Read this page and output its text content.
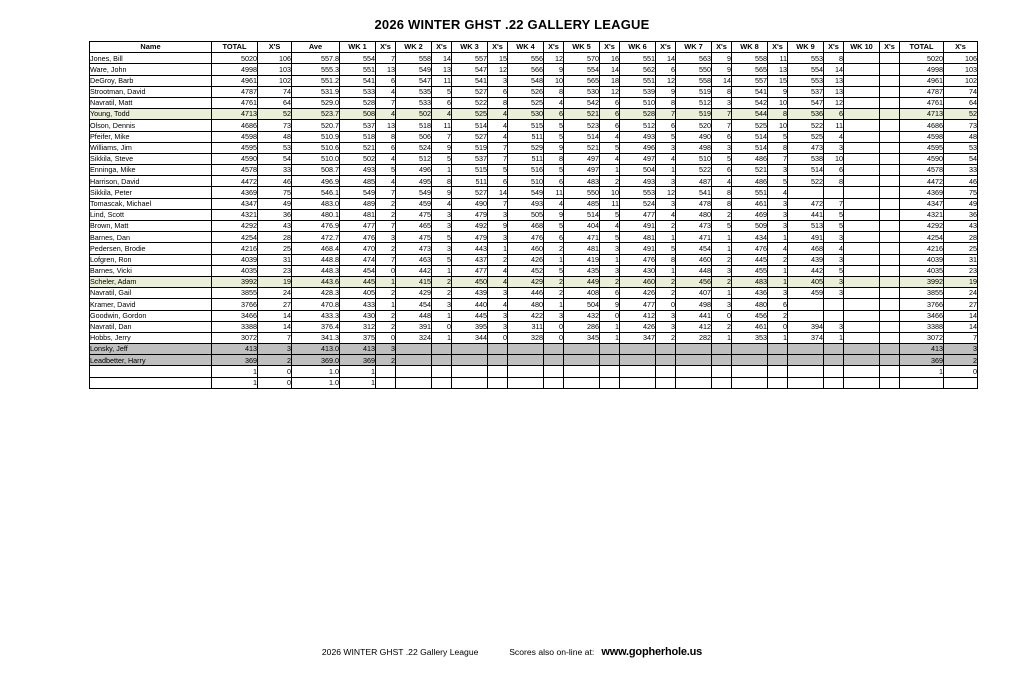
2026 WINTER GHST .22 GALLERY LEAGUE
Name	TOTAL	X'S	Ave	WK 1	X's	WK 2	X's	WK 3	X's	WK 4	X's	WK 5	X's	WK 6	X's	WK 7	X's	WK 8	X's	WK 9	X's	WK 10	X's	TOTAL	X's
Jones, Bill	5020	106	557.8	554	7	558	14	557	15	556	12	570	16	551	14	563	9	558	11	553	8			5020	106
Ware, John	4998	103	555.3	551	13	549	13	547	12	566	9	554	14	562	6	550	9	565	13	554	14			4998	103
DeGroy, Barb	4961	102	551.2	541	6	547	11	541	3	548	10	565	18	551	12	558	14	557	15	553	13			4961	102
Strootman, David	4787	74	531.9	533	4	535	5	527	6	526	8	530	12	539	9	519	8	541	9	537	13			4787	74
Navratil, Matt	4761	64	529.0	528	7	533	6	522	8	525	4	542	6	510	8	512	3	542	10	547	12			4761	64
Young, Todd	4713	52	523.7	508	4	502	4	525	4	530	6	521	6	528	7	519	7	544	8	536	6			4713	52
Olson, Dennis	4686	73	520.7	537	13	518	11	514	4	515	5	523	6	512	6	520	7	525	10	522	11			4686	73
Pfeifer, Mike	4598	48	510.9	518	8	506	7	527	4	511	5	514	4	493	5	490	6	514	5	525	4			4598	48
Williams, Jim	4595	53	510.6	521	6	524	9	519	7	529	9	521	5	496	3	498	3	514	8	473	3			4595	53
Sikkila, Steve	4590	54	510.0	502	4	512	5	537	7	511	8	497	4	497	4	510	5	486	7	538	10			4590	54
Enninga, Mike	4578	33	508.7	493	5	496	1	515	5	516	5	497	1	504	1	522	6	521	3	514	6			4578	33
Harrison, David	4472	46	496.9	485	4	495	8	511	6	510	6	483	2	493	3	487	4	486	5	522	8			4472	46
Sikkila, Peter	4369	75	546.1	549	7	549	9	527	14	549	11	550	10	553	12	541	8	551	4					4369	75
Tomascak, Michael	4347	49	483.0	489	2	459	4	490	7	493	4	485	11	524	3	478	8	461	3	472	7			4347	49
Lind, Scott	4321	36	480.1	481	2	475	3	479	3	505	9	514	5	477	4	480	2	469	3	441	5			4321	36
Brown, Matt	4292	43	476.9	477	7	465	3	492	9	468	5	404	4	491	2	473	5	509	3	513	5			4292	43
Barnes, Dan	4254	28	472.7	476	3	475	5	479	3	476	6	471	5	481	1	471	1	434	1	491	3			4254	28
Pedersen, Brodie	4216	25	468.4	470	2	473	3	443	1	460	2	481	3	491	5	454	1	476	4	468	4			4216	25
Lofgren, Ron	4039	31	448.8	474	7	463	5	437	2	426	1	419	1	476	8	460	2	445	2	439	3			4039	31
Barnes, Vicki	4035	23	448.3	454	0	442	1	477	4	452	5	435	3	430	1	448	3	455	1	442	5			4035	23
Scheler, Adam	3992	19	443.6	445	1	415	2	450	4	429	2	449	2	460	2	456	2	483	1	405	3			3992	19
Navratil, Gail	3855	24	428.3	405	2	429	2	439	3	446	2	408	6	426	2	407	1	436	3	459	3			3855	24
Kramer, David	3766	27	470.8	433	1	454	3	440	4	480	1	504	9	477	0	498	3	480	6					3766	27
Goodwin, Gordon	3466	14	433.3	430	2	448	1	445	3	422	3	432	0	412	3	441	0	456	2					3466	14
Navratil, Dan	3388	14	376.4	312	2	391	0	395	3	311	0	286	1	426	3	412	2	461	0	394	3			3388	14
Hobbs, Jerry	3072	7	341.3	375	0	324	1	344	0	328	0	345	1	347	2	282	1	353	1	374	1			3072	7
Lonsky, Jeff	413	3	413.0	413	3																			413	3
Leadbetter, Harry	369	2	369.0	369	2																			369	2
	1	0	1.0	1																				1	0
	1	0	1.0	1																					
2026 WINTER GHST .22 Gallery League	Scores also on-line at: www.gopherhole.us
